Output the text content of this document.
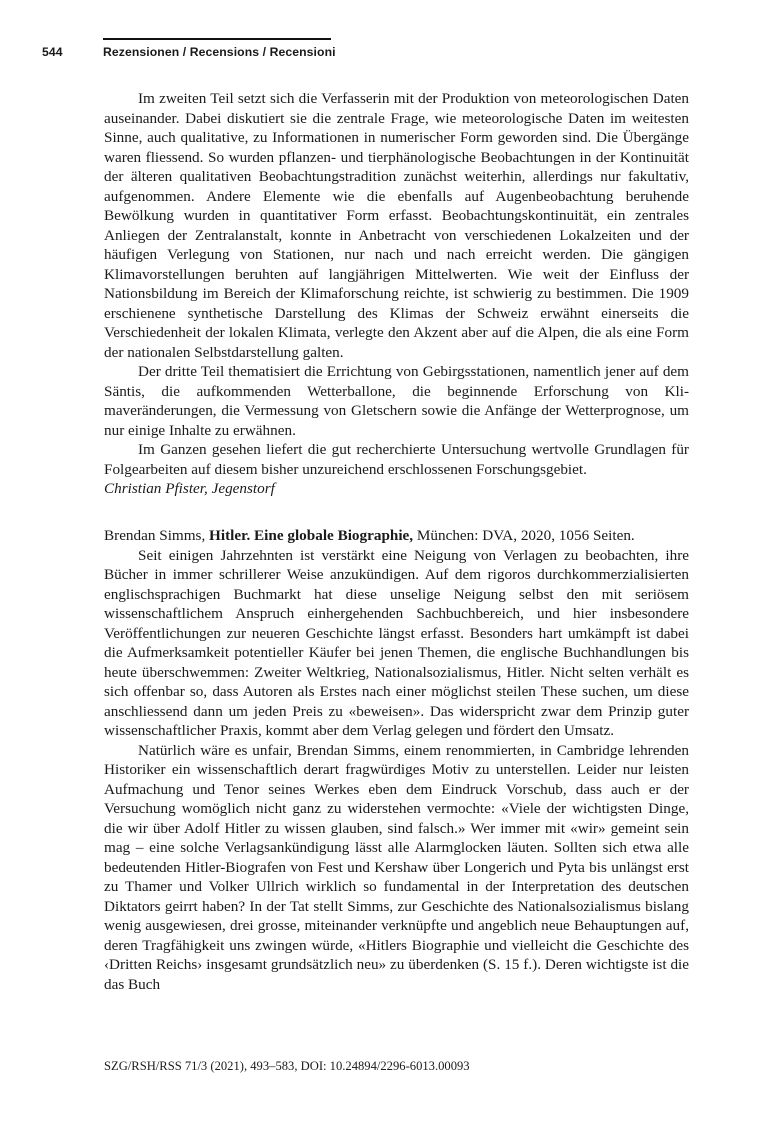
544	Rezensionen / Recensions / Recensioni

Im zweiten Teil setzt sich die Verfasserin mit der Produktion von meteorologischen Daten auseinander. Dabei diskutiert sie die zentrale Frage, wie meteorologische Daten im weitesten Sinne, auch qualitative, zu Informationen in numerischer Form geworden sind. Die Übergänge waren fliessend. So wurden pflanzen- und tierphänologische Beobachtungen in der Kontinuität der älteren qualitativen Beobachtungstradition zunächst weiterhin, allerdings nur fakultativ, aufgenommen. Andere Elemente wie die ebenfalls auf Augenbeobachtung beruhende Bewölkung wurden in quantitativer Form erfasst. Beobachtungskontinuität, ein zentrales Anliegen der Zentralanstalt, konnte in Anbetracht von verschiedenen Lokalzeiten und der häufigen Verlegung von Stationen, nur nach und nach erreicht werden. Die gängigen Klimavorstellungen beruhten auf langjährigen Mittelwerten. Wie weit der Einfluss der Nationsbildung im Bereich der Klimaforschung reichte, ist schwierig zu bestimmen. Die 1909 erschienene synthetische Darstellung des Klimas der Schweiz erwähnt einerseits die Verschiedenheit der lokalen Klimata, verlegte den Akzent aber auf die Alpen, die als eine Form der nationalen Selbstdarstellung galten.

Der dritte Teil thematisiert die Errichtung von Gebirgsstationen, namentlich jener auf dem Säntis, die aufkommenden Wetterballone, die beginnende Erforschung von Klimaveränderungen, die Vermessung von Gletschern sowie die Anfänge der Wetterprognose, um nur einige Inhalte zu erwähnen.

Im Ganzen gesehen liefert die gut recherchierte Untersuchung wertvolle Grundlagen für Folgearbeiten auf diesem bisher unzureichend erschlossenen Forschungsgebiet.

Christian Pfister, Jegenstorf

Brendan Simms, Hitler. Eine globale Biographie, München: DVA, 2020, 1056 Seiten.

Seit einigen Jahrzehnten ist verstärkt eine Neigung von Verlagen zu beobachten, ihre Bücher in immer schrillerer Weise anzukündigen. Auf dem rigoros durchkommerzialisierten englischsprachigen Buchmarkt hat diese unselige Neigung selbst den mit seriösem wissenschaftlichem Anspruch einhergehenden Sachbuchbereich, und hier insbesondere Veröffentlichungen zur neueren Geschichte längst erfasst. Besonders hart umkämpft ist dabei die Aufmerksamkeit potentieller Käufer bei jenen Themen, die englische Buchhandlungen bis heute überschwemmen: Zweiter Weltkrieg, Nationalsozialismus, Hitler. Nicht selten verhält es sich offenbar so, dass Autoren als Erstes nach einer möglichst steilen These suchen, um diese anschliessend dann um jeden Preis zu «beweisen». Das widerspricht zwar dem Prinzip guter wissenschaftlicher Praxis, kommt aber dem Verlag gelegen und fördert den Umsatz.

Natürlich wäre es unfair, Brendan Simms, einem renommierten, in Cambridge lehrenden Historiker ein wissenschaftlich derart fragwürdiges Motiv zu unterstellen. Leider nur leisten Aufmachung und Tenor seines Werkes eben dem Eindruck Vorschub, dass auch er der Versuchung womöglich nicht ganz zu widerstehen vermochte: «Viele der wichtigsten Dinge, die wir über Adolf Hitler zu wissen glauben, sind falsch.» Wer immer mit «wir» gemeint sein mag – eine solche Verlagsankündigung lässt alle Alarmglocken läuten. Sollten sich etwa alle bedeutenden Hitler-Biografen von Fest und Kershaw über Longerich und Pyta bis unlängst erst zu Thamer und Volker Ullrich wirklich so fundamental in der Interpretation des deutschen Diktators geirrt haben? In der Tat stellt Simms, zur Geschichte des Nationalsozialismus bislang wenig ausgewiesen, drei grosse, miteinander verknüpfte und angeblich neue Behauptungen auf, deren Tragfähigkeit uns zwingen würde, «Hitlers Biographie und vielleicht die Geschichte des ‹Dritten Reichs› insgesamt grundsätzlich neu» zu überdenken (S. 15 f.). Deren wichtigste ist die das Buch

SZG/RSH/RSS 71/3 (2021), 493–583, DOI: 10.24894/2296-6013.00093
